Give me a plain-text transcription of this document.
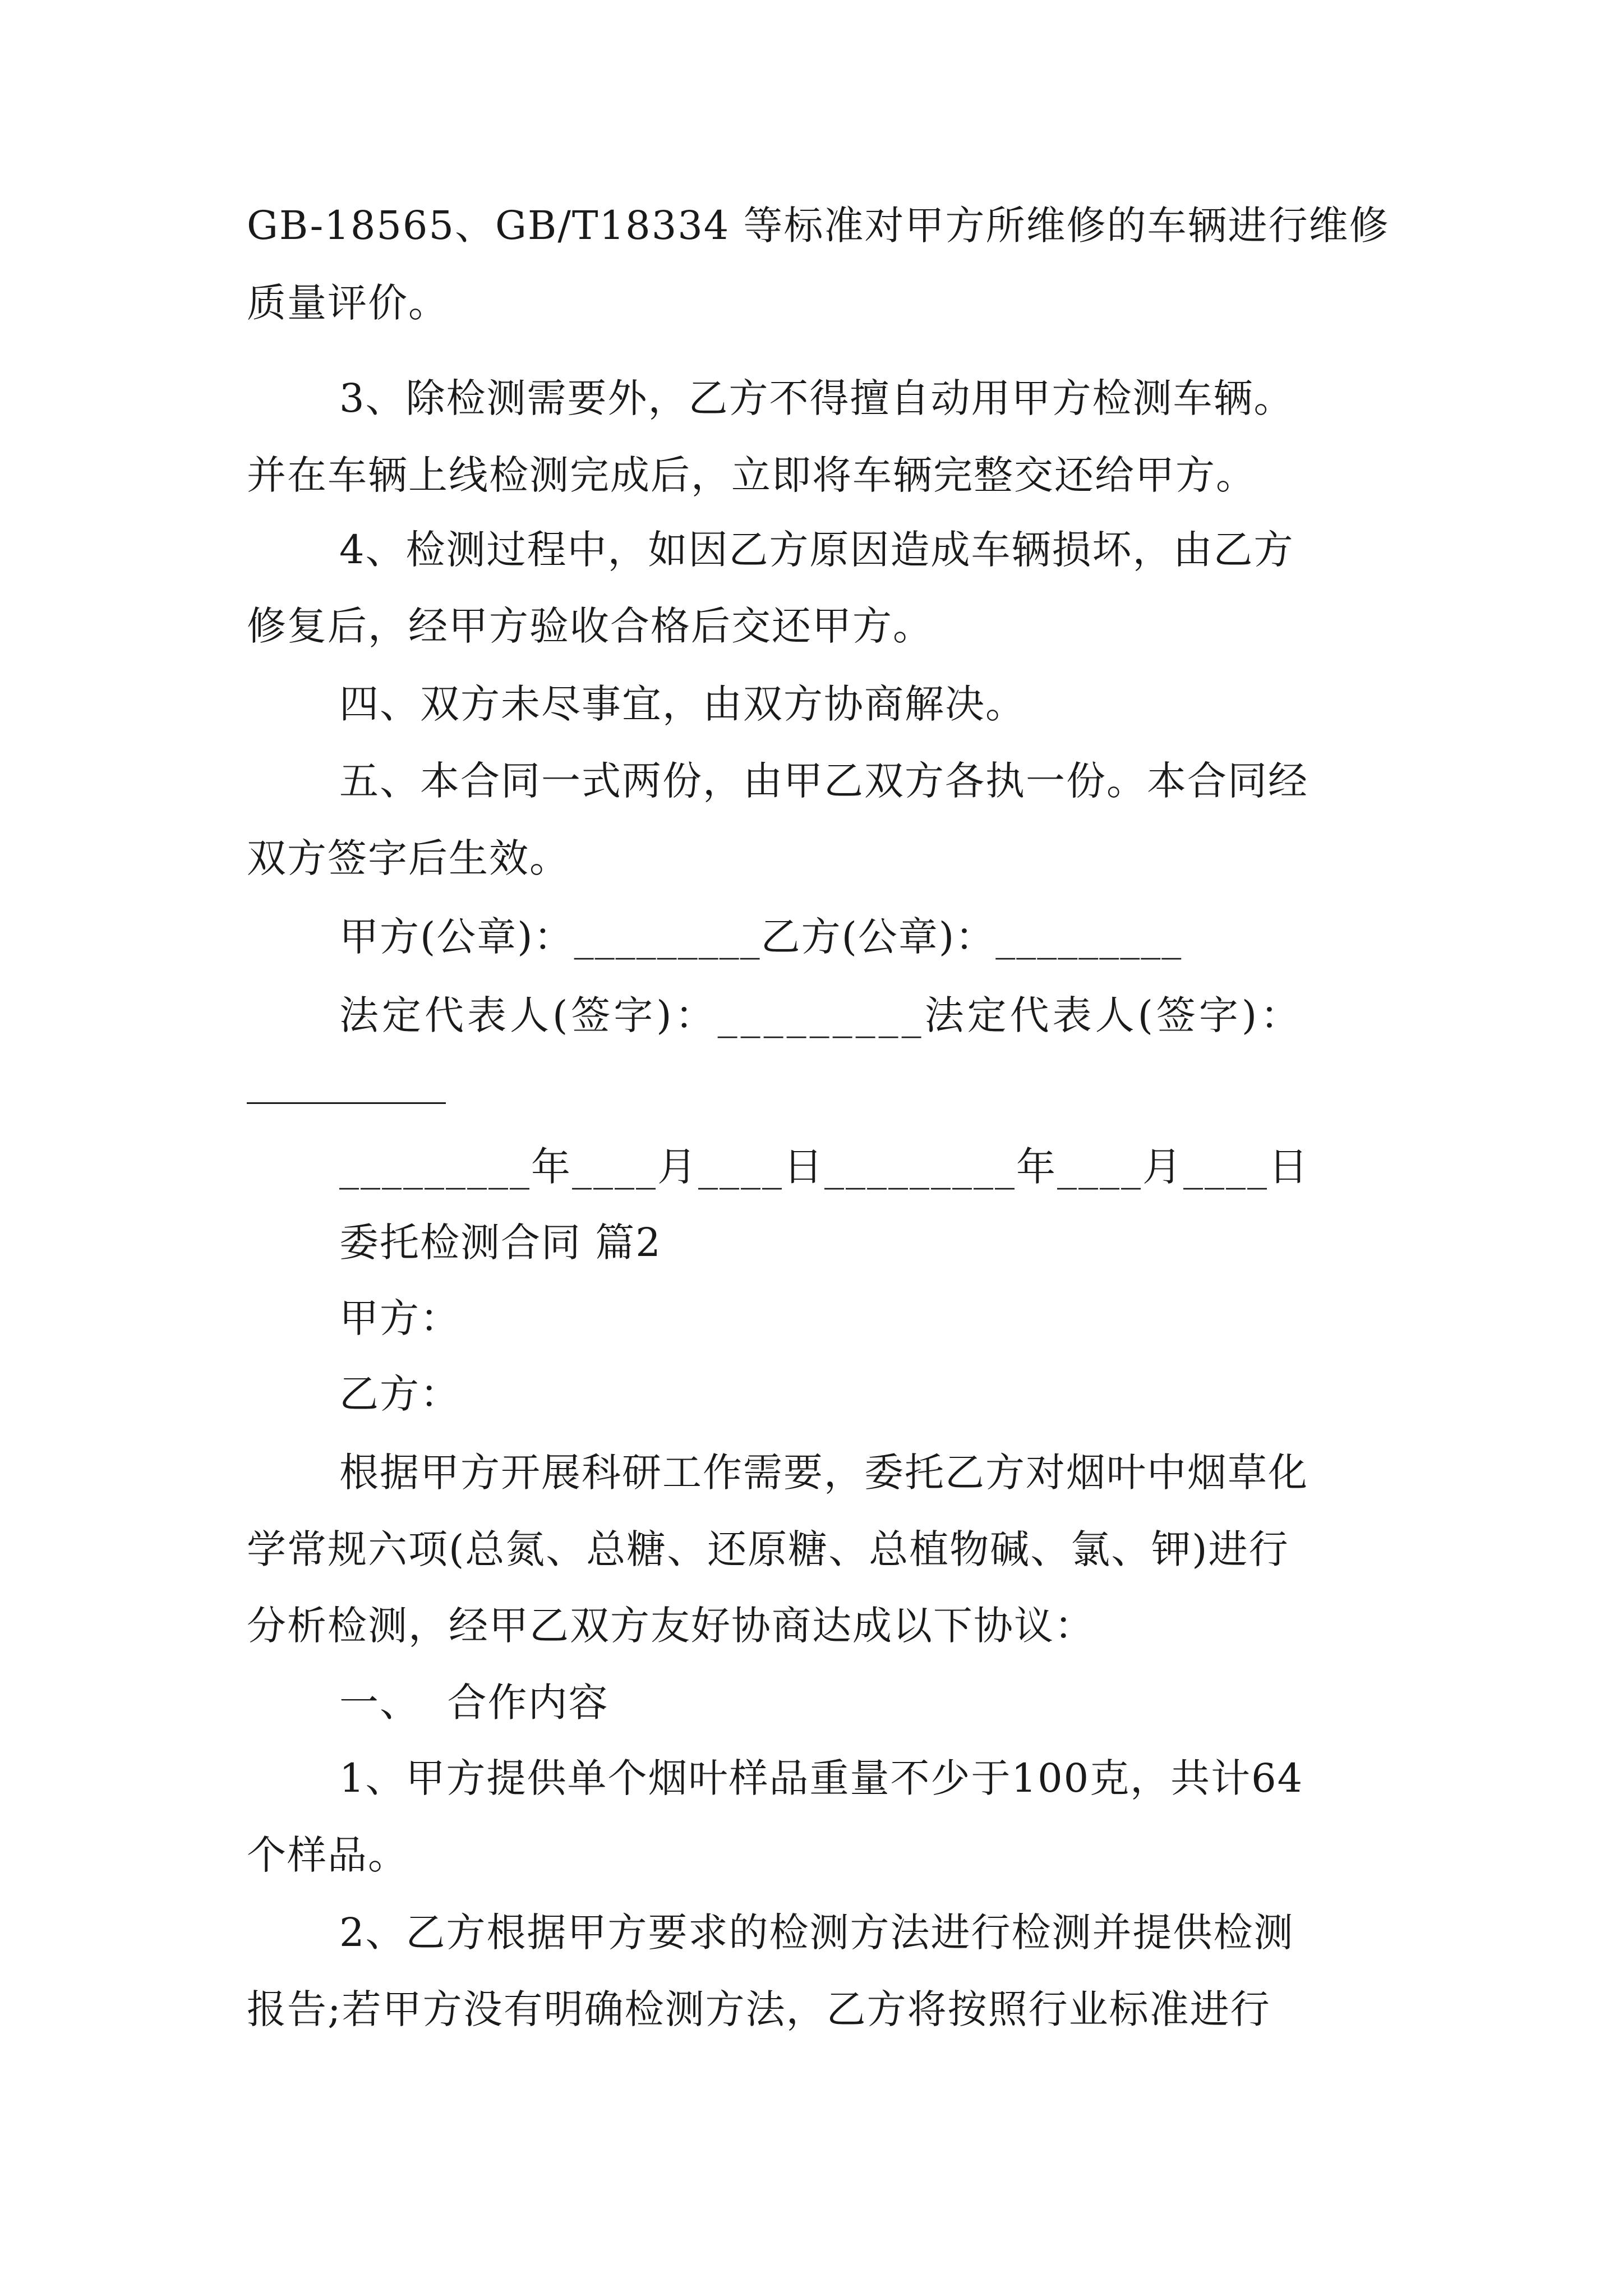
GB-18565、GB/T18334 等标准对甲方所维修的车辆进行维修
质量评价。
3、除检测需要外，乙方不得擅自动用甲方检测车辆。
并在车辆上线检测完成后，立即将车辆完整交还给甲方。
4、检测过程中，如因乙方原因造成车辆损坏，由乙方
修复后，经甲方验收合格后交还甲方。
四、双方未尽事宜，由双方协商解决。
五、本合同一式两份，由甲乙双方各执一份。本合同经
双方签字后生效。
甲方(公章)：_________乙方(公章)：_________
法定代表人(签字)：_________法定代表人(签字)：
_________年____月____日_________年____月____日
委托检测合同 篇2
甲方：
乙方：
根据甲方开展科研工作需要，委托乙方对烟叶中烟草化
学常规六项(总氮、总糖、还原糖、总植物碱、氯、钾)进行
分析检测，经甲乙双方友好协商达成以下协议：
一、  合作内容
1、甲方提供单个烟叶样品重量不少于100克，共计64
个样品。
2、乙方根据甲方要求的检测方法进行检测并提供检测
报告;若甲方没有明确检测方法，乙方将按照行业标准进行
